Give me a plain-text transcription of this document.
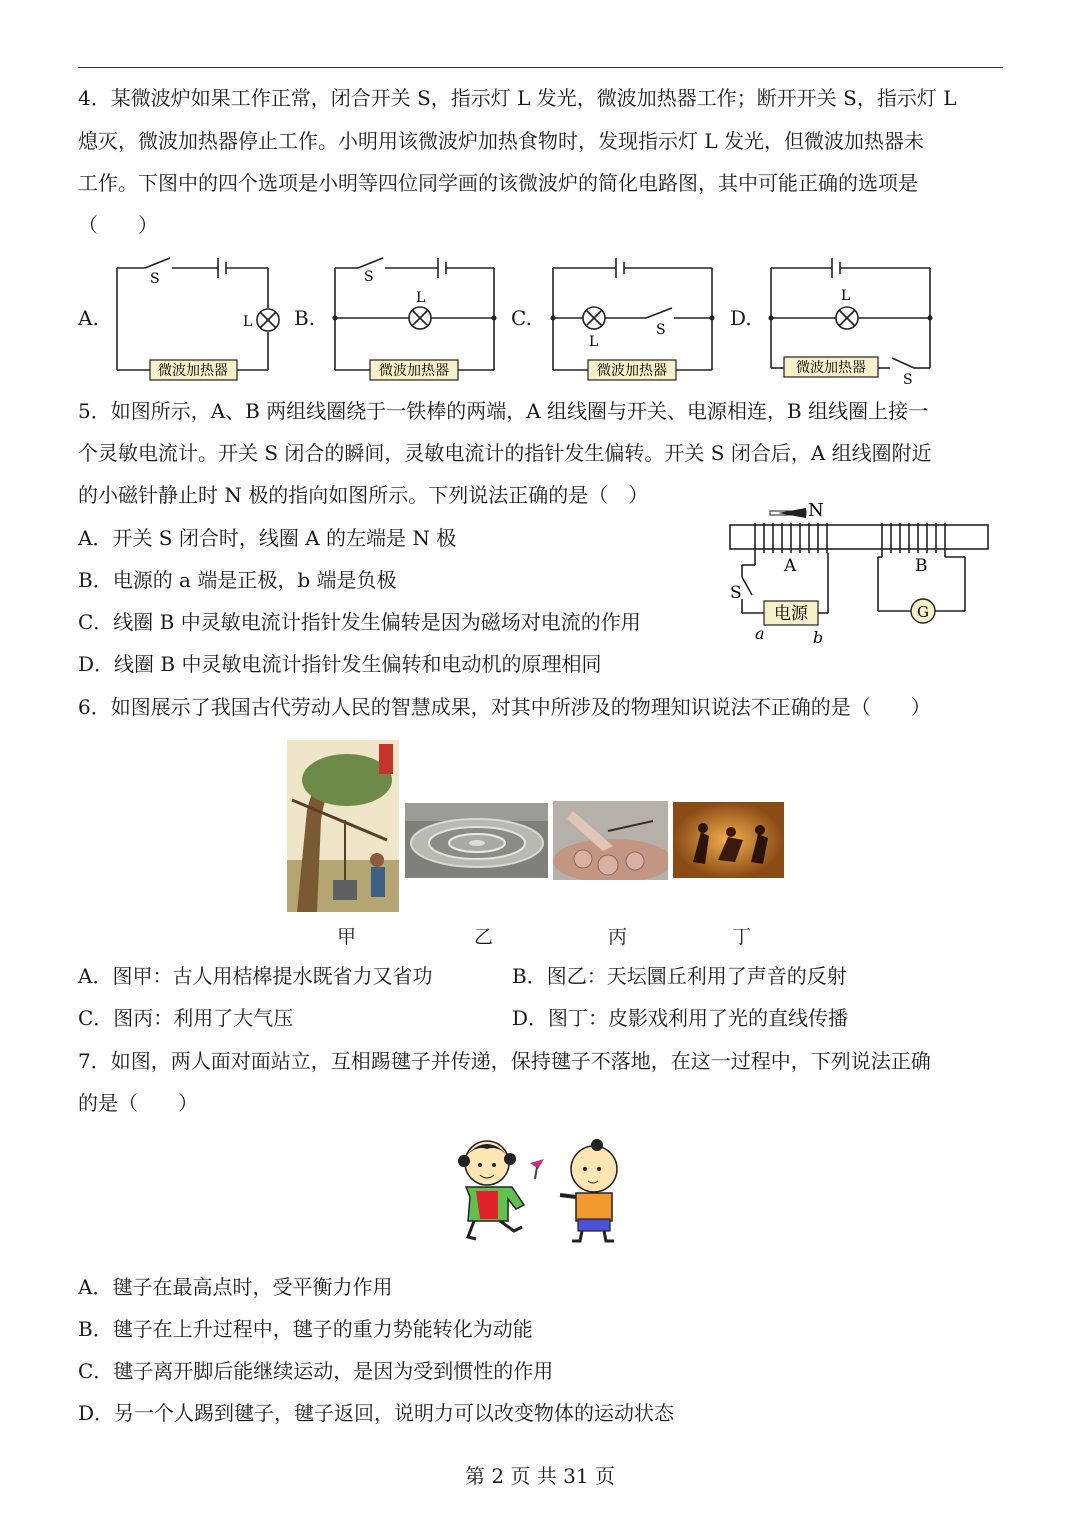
4．某微波炉如果工作正常，闭合开关 S，指示灯 L 发光，微波加热器工作；断开开关 S，指示灯 L
熄灭，微波加热器停止工作。小明用该微波炉加热食物时，发现指示灯 L 发光，但微波加热器未
工作。下图中的四个选项是小明等四位同学画的该微波炉的简化电路图，其中可能正确的选项是
（　　）
A.	B.	C.	D.
微波加热器
S
L
微波加热器
S
L
微波加热器
S
L
微波加热器
S
L
5．如图所示，A、B 两组线圈绕于一铁棒的两端，A 组线圈与开关、电源相连，B 组线圈上接一
个灵敏电流计。开关 S 闭合的瞬间，灵敏电流计的指针发生偏转。开关 S 闭合后，A 组线圈附近
的小磁针静止时 N 极的指向如图所示。下列说法正确的是（　）
A．开关 S 闭合时，线圈 A 的左端是 N 极
B．电源的 a 端是正极，b 端是负极
C．线圈 B 中灵敏电流计指针发生偏转是因为磁场对电流的作用
D．线圈 B 中灵敏电流计指针发生偏转和电动机的原理相同
电源	G
N
A	B
S
a	b
6．如图展示了我国古代劳动人民的智慧成果，对其中所涉及的物理知识说法不正确的是（　　）
甲	乙	丙	丁
A．图甲：古人用桔槔提水既省力又省功	B．图乙：天坛圜丘利用了声音的反射
C．图丙：利用了大气压	D．图丁：皮影戏利用了光的直线传播
7．如图，两人面对面站立，互相踢毽子并传递，保持毽子不落地，在这一过程中，下列说法正确
的是（　　）
A．毽子在最高点时，受平衡力作用
B．毽子在上升过程中，毽子的重力势能转化为动能
C．毽子离开脚后能继续运动，是因为受到惯性的作用
D．另一个人踢到毽子，毽子返回，说明力可以改变物体的运动状态
第 2 页 共 31 页
